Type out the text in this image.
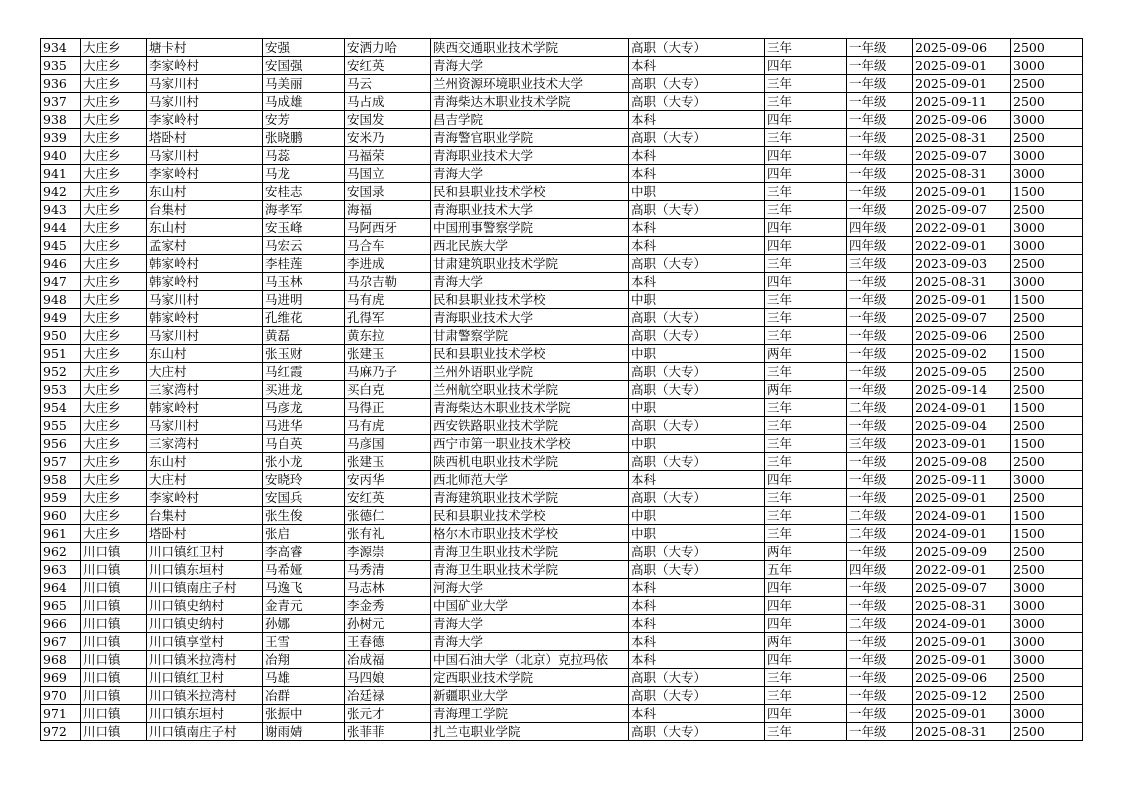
934	大庄乡	塘卡村	安强	安洒力哈	陕西交通职业技术学院	高职（大专）	三年	一年级	2025-09-06	2500
935	大庄乡	李家岭村	安国强	安红英	青海大学	本科	四年	一年级	2025-09-01	3000
936	大庄乡	马家川村	马美丽	马云	兰州资源环境职业技术大学	高职（大专）	三年	一年级	2025-09-01	2500
937	大庄乡	马家川村	马成雄	马占成	青海柴达木职业技术学院	高职（大专）	三年	一年级	2025-09-11	2500
938	大庄乡	李家岭村	安芳	安国发	昌吉学院	本科	四年	一年级	2025-09-06	3000
939	大庄乡	塔卧村	张晓鹏	安米乃	青海警官职业学院	高职（大专）	三年	一年级	2025-08-31	2500
940	大庄乡	马家川村	马蕊	马福荣	青海职业技术大学	本科	四年	一年级	2025-09-07	3000
941	大庄乡	李家岭村	马龙	马国立	青海大学	本科	四年	一年级	2025-08-31	3000
942	大庄乡	东山村	安桂志	安国录	民和县职业技术学校	中职	三年	一年级	2025-09-01	1500
943	大庄乡	台集村	海孝军	海福	青海职业技术大学	高职（大专）	三年	一年级	2025-09-07	2500
944	大庄乡	东山村	安玉峰	马阿西牙	中国刑事警察学院	本科	四年	四年级	2022-09-01	3000
945	大庄乡	孟家村	马宏云	马合车	西北民族大学	本科	四年	四年级	2022-09-01	3000
946	大庄乡	韩家岭村	李桂莲	李进成	甘肃建筑职业技术学院	高职（大专）	三年	三年级	2023-09-03	2500
947	大庄乡	韩家岭村	马玉林	马尕吉勒	青海大学	本科	四年	一年级	2025-08-31	3000
948	大庄乡	马家川村	马进明	马有虎	民和县职业技术学校	中职	三年	一年级	2025-09-01	1500
949	大庄乡	韩家岭村	孔维花	孔得军	青海职业技术大学	高职（大专）	三年	一年级	2025-09-07	2500
950	大庄乡	马家川村	黄磊	黄东拉	甘肃警察学院	高职（大专）	三年	一年级	2025-09-06	2500
951	大庄乡	东山村	张玉财	张建玉	民和县职业技术学校	中职	两年	一年级	2025-09-02	1500
952	大庄乡	大庄村	马红霞	马麻乃子	兰州外语职业学院	高职（大专）	三年	一年级	2025-09-05	2500
953	大庄乡	三家湾村	买进龙	买白克	兰州航空职业技术学院	高职（大专）	两年	一年级	2025-09-14	2500
954	大庄乡	韩家岭村	马彦龙	马得正	青海柴达木职业技术学院	中职	三年	二年级	2024-09-01	1500
955	大庄乡	马家川村	马进华	马有虎	西安铁路职业技术学院	高职（大专）	三年	一年级	2025-09-04	2500
956	大庄乡	三家湾村	马自英	马彦国	西宁市第一职业技术学校	中职	三年	三年级	2023-09-01	1500
957	大庄乡	东山村	张小龙	张建玉	陕西机电职业技术学院	高职（大专）	三年	一年级	2025-09-08	2500
958	大庄乡	大庄村	安晓玲	安丙华	西北师范大学	本科	四年	一年级	2025-09-11	3000
959	大庄乡	李家岭村	安国兵	安红英	青海建筑职业技术学院	高职（大专）	三年	一年级	2025-09-01	2500
960	大庄乡	台集村	张生俊	张德仁	民和县职业技术学校	中职	三年	二年级	2024-09-01	1500
961	大庄乡	塔卧村	张启	张有礼	格尔木市职业技术学校	中职	三年	二年级	2024-09-01	1500
962	川口镇	川口镇红卫村	李高睿	李源崇	青海卫生职业技术学院	高职（大专）	两年	一年级	2025-09-09	2500
963	川口镇	川口镇东垣村	马希娅	马秀清	青海卫生职业技术学院	高职（大专）	五年	四年级	2022-09-01	2500
964	川口镇	川口镇南庄子村	马逸飞	马志林	河海大学	本科	四年	一年级	2025-09-07	3000
965	川口镇	川口镇史纳村	金青元	李金秀	中国矿业大学	本科	四年	一年级	2025-08-31	3000
966	川口镇	川口镇史纳村	孙娜	孙树元	青海大学	本科	四年	二年级	2024-09-01	3000
967	川口镇	川口镇享堂村	王雪	王春德	青海大学	本科	两年	一年级	2025-09-01	3000
968	川口镇	川口镇米拉湾村	冶翔	冶成福	中国石油大学（北京）克拉玛依	本科	四年	一年级	2025-09-01	3000
969	川口镇	川口镇红卫村	马雄	马四娘	定西职业技术学院	高职（大专）	三年	一年级	2025-09-06	2500
970	川口镇	川口镇米拉湾村	冶群	冶廷禄	新疆职业大学	高职（大专）	三年	一年级	2025-09-12	2500
971	川口镇	川口镇东垣村	张振中	张元才	青海理工学院	本科	四年	一年级	2025-09-01	3000
972	川口镇	川口镇南庄子村	谢雨婧	张菲菲	扎兰屯职业学院	高职（大专）	三年	一年级	2025-08-31	2500
